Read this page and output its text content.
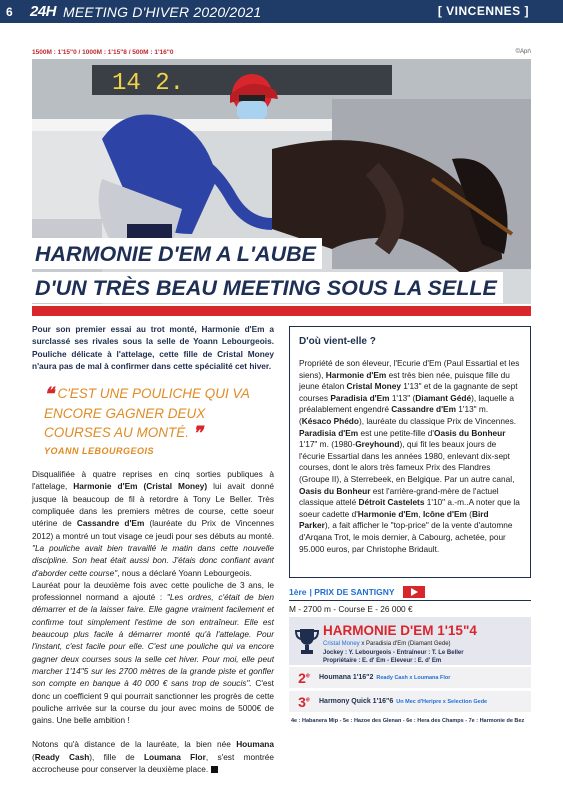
6	24H MEETING D'HIVER 2020/2021	[ VINCENNES ]
1500M : 1'15"0 / 1000M : 1'15"8 / 500M : 1'16"0	©Apr\
14 2.
HARMONIE D'EM A L'AUBE
D'UN TRÈS BEAU MEETING SOUS LA SELLE

Pour son premier essai au trot monté, Harmonie d'Em a surclassé ses rivales sous la selle de Yoann Lebourgeois. Pouliche délicate à l'attelage, cette fille de Cristal Money n'aura pas de mal à confirmer dans cette spécialité cet hiver.

❝ C'EST UNE POULICHE QUI VA ENCORE GAGNER DEUX COURSES AU MONTÉ. ❞
YOANN LEBOURGEOIS

Disqualifiée à quatre reprises en cinq sorties publiques à l'attelage, Harmonie d'Em (Cristal Money) lui avait donné jusque là beaucoup de fil à retordre à Tony Le Beller. Très compliquée dans les premiers mètres de course, cette soeur utérine de Cassandre d'Em (lauréate du Prix de Vincennes 2012) a montré un tout visage ce jeudi pour ses débuts au monté. "La pouliche avait bien travaillé le matin dans cette nouvelle discipline. Son heat était aussi bon. J'étais donc confiant avant d'aborder cette course", nous a déclaré Yoann Lebourgeois.

Lauréat pour la deuxième fois avec cette pouliche de 3 ans, le professionnel normand a ajouté : "Les ordres, c'était de bien démarrer et de la laisser faire. Elle gagne vraiment facilement et confirme tout simplement l'estime de son entraîneur. Elle est beaucoup plus facile à démarrer monté qu'à l'attelage. Pour l'instant, c'est facile pour elle. C'est une pouliche qui va encore gagner deux courses sous la selle cet hiver. Pour moi, elle peut marcher 1'14"5 sur les 2700 mètres de la grande piste et gonfler son compte en banque à 40 000 € sans trop de soucis". C'est donc un coefficient 9 qui pourrait sanctionner les progrès de cette pouliche arrivée sur la course du jour avec moins de 5000€ de gains. Une belle ambition !

Notons qu'à distance de la lauréate, la bien née Houmana (Ready Cash), fille de Loumana Flor, s'est montrée accrocheuse pour conserver la deuxième place.

D'où vient-elle ?
Propriété de son éleveur, l'Ecurie d'Em (Paul Essartial et les siens), Harmonie d'Em est très bien née, puisque fille du jeune étalon Cristal Money 1'13" et de la gagnante de sept courses Paradisia d'Em 1'13" (Diamant Gédé), laquelle a préalablement engendré Cassandre d'Em 1'13" m. (Késaco Phédo), lauréate du classique Prix de Vincennes. Paradisia d'Em est une petite-fille d'Oasis du Bonheur 1'17" m. (1980-Greyhound), qui fit les beaux jours de l'écurie Essartial dans les années 1980, enlevant dix-sept courses, dont le alors très fameux Prix des Flandres (Groupe II), à Sterrebeek, en Belgique. Par un autre canal, Oasis du Bonheur est l'arrière-grand-mère de l'actuel classique attelé Détroit Castelets 1'10" a.-m..A noter que la soeur cadette d'Harmonie d'Em, Icône d'Em (Bird Parker), a fait afficher le "top-price" de la vente d'automne d'Arqana Trot, le mois dernier, à Cabourg, achetée, pour 95.000 euros, par Christophe Bridault.
1ère | PRIX DE SANTIGNY
M - 2700 m - Course E - 26 000 €
HARMONIE D'EM 1'15"4
Cristal Money x Paradisia d'Em (Diamant Gede)
Jockey : Y. Lebourgeois - Entraîneur : T. Le Beller
Propriétaire : E. d' Em - Eleveur : E. d' Em
2e	Houmana 1'16"2 Ready Cash x Loumana Flor
3e	Harmony Quick 1'16"6 Un Mec d'Heripre x Selection Gede
4e : Habanera Mip - 5e : Hazoe des Glenan - 6e : Hera des Champs - 7e : Harmonie de Bez
